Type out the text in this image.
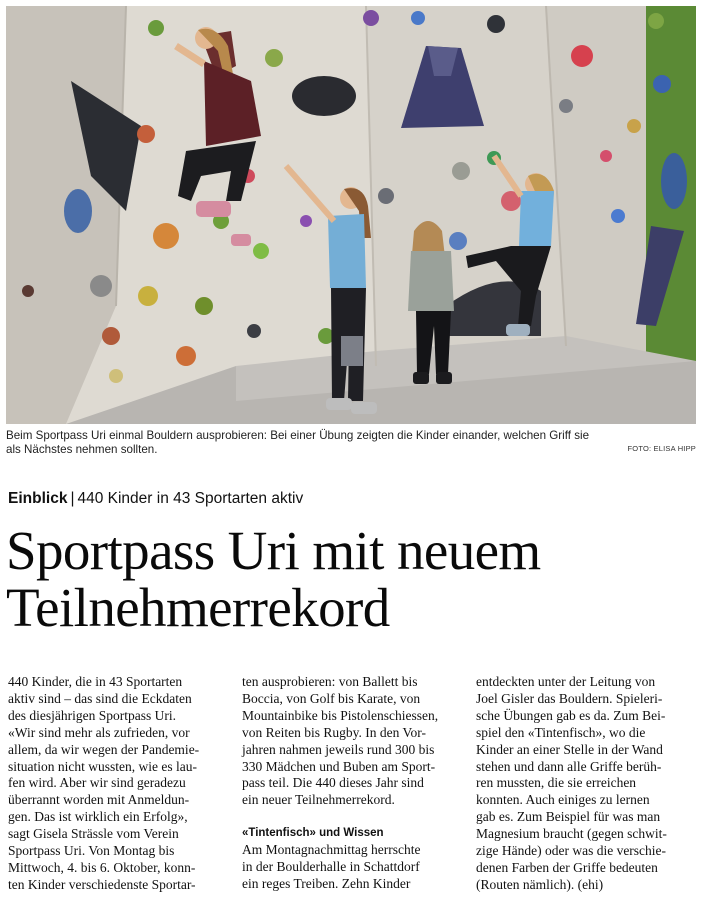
Beim Sportpass Uri einmal Bouldern ausprobieren: Bei einer Übung zeigten die Kinder einander, welchen Griff sie

als Nächstes nehmen sollten.	FOTO: ELISA HIPP
Einblick | 440 Kinder in 43 Sportarten aktiv
Sportpass Uri mit neuem
Teilnehmerrekord
440 Kinder, die in 43 Sportarten
aktiv sind – das sind die Eckdaten
des diesjährigen Sportpass Uri.
«Wir sind mehr als zufrieden, vor
allem, da wir wegen der Pandemie-
situation nicht wussten, wie es lau-
fen wird. Aber wir sind geradezu
überrannt worden mit Anmeldun-
gen. Das ist wirklich ein Erfolg»,
sagt Gisela Strässle vom Verein
Sportpass Uri. Von Montag bis
Mittwoch, 4. bis 6. Oktober, konn-
ten Kinder verschiedenste Sportar-
ten ausprobieren: von Ballett bis
Boccia, von Golf bis Karate, von
Mountainbike bis Pistolenschiessen,
von Reiten bis Rugby. In den Vor-
jahren nahmen jeweils rund 300 bis
330 Mädchen und Buben am Sport-
pass teil. Die 440 dieses Jahr sind
ein neuer Teilnehmerrekord.
«Tintenfisch» und Wissen
Am Montagnachmittag herrschte
in der Boulderhalle in Schattdorf
ein reges Treiben. Zehn Kinder
entdeckten unter der Leitung von
Joel Gisler das Bouldern. Spieleri-
sche Übungen gab es da. Zum Bei-
spiel den «Tintenfisch», wo die
Kinder an einer Stelle in der Wand
stehen und dann alle Griffe berüh-
ren mussten, die sie erreichen
konnten. Auch einiges zu lernen
gab es. Zum Beispiel für was man
Magnesium braucht (gegen schwit-
zige Hände) oder was die verschie-
denen Farben der Griffe bedeuten
(Routen nämlich). (ehi)
